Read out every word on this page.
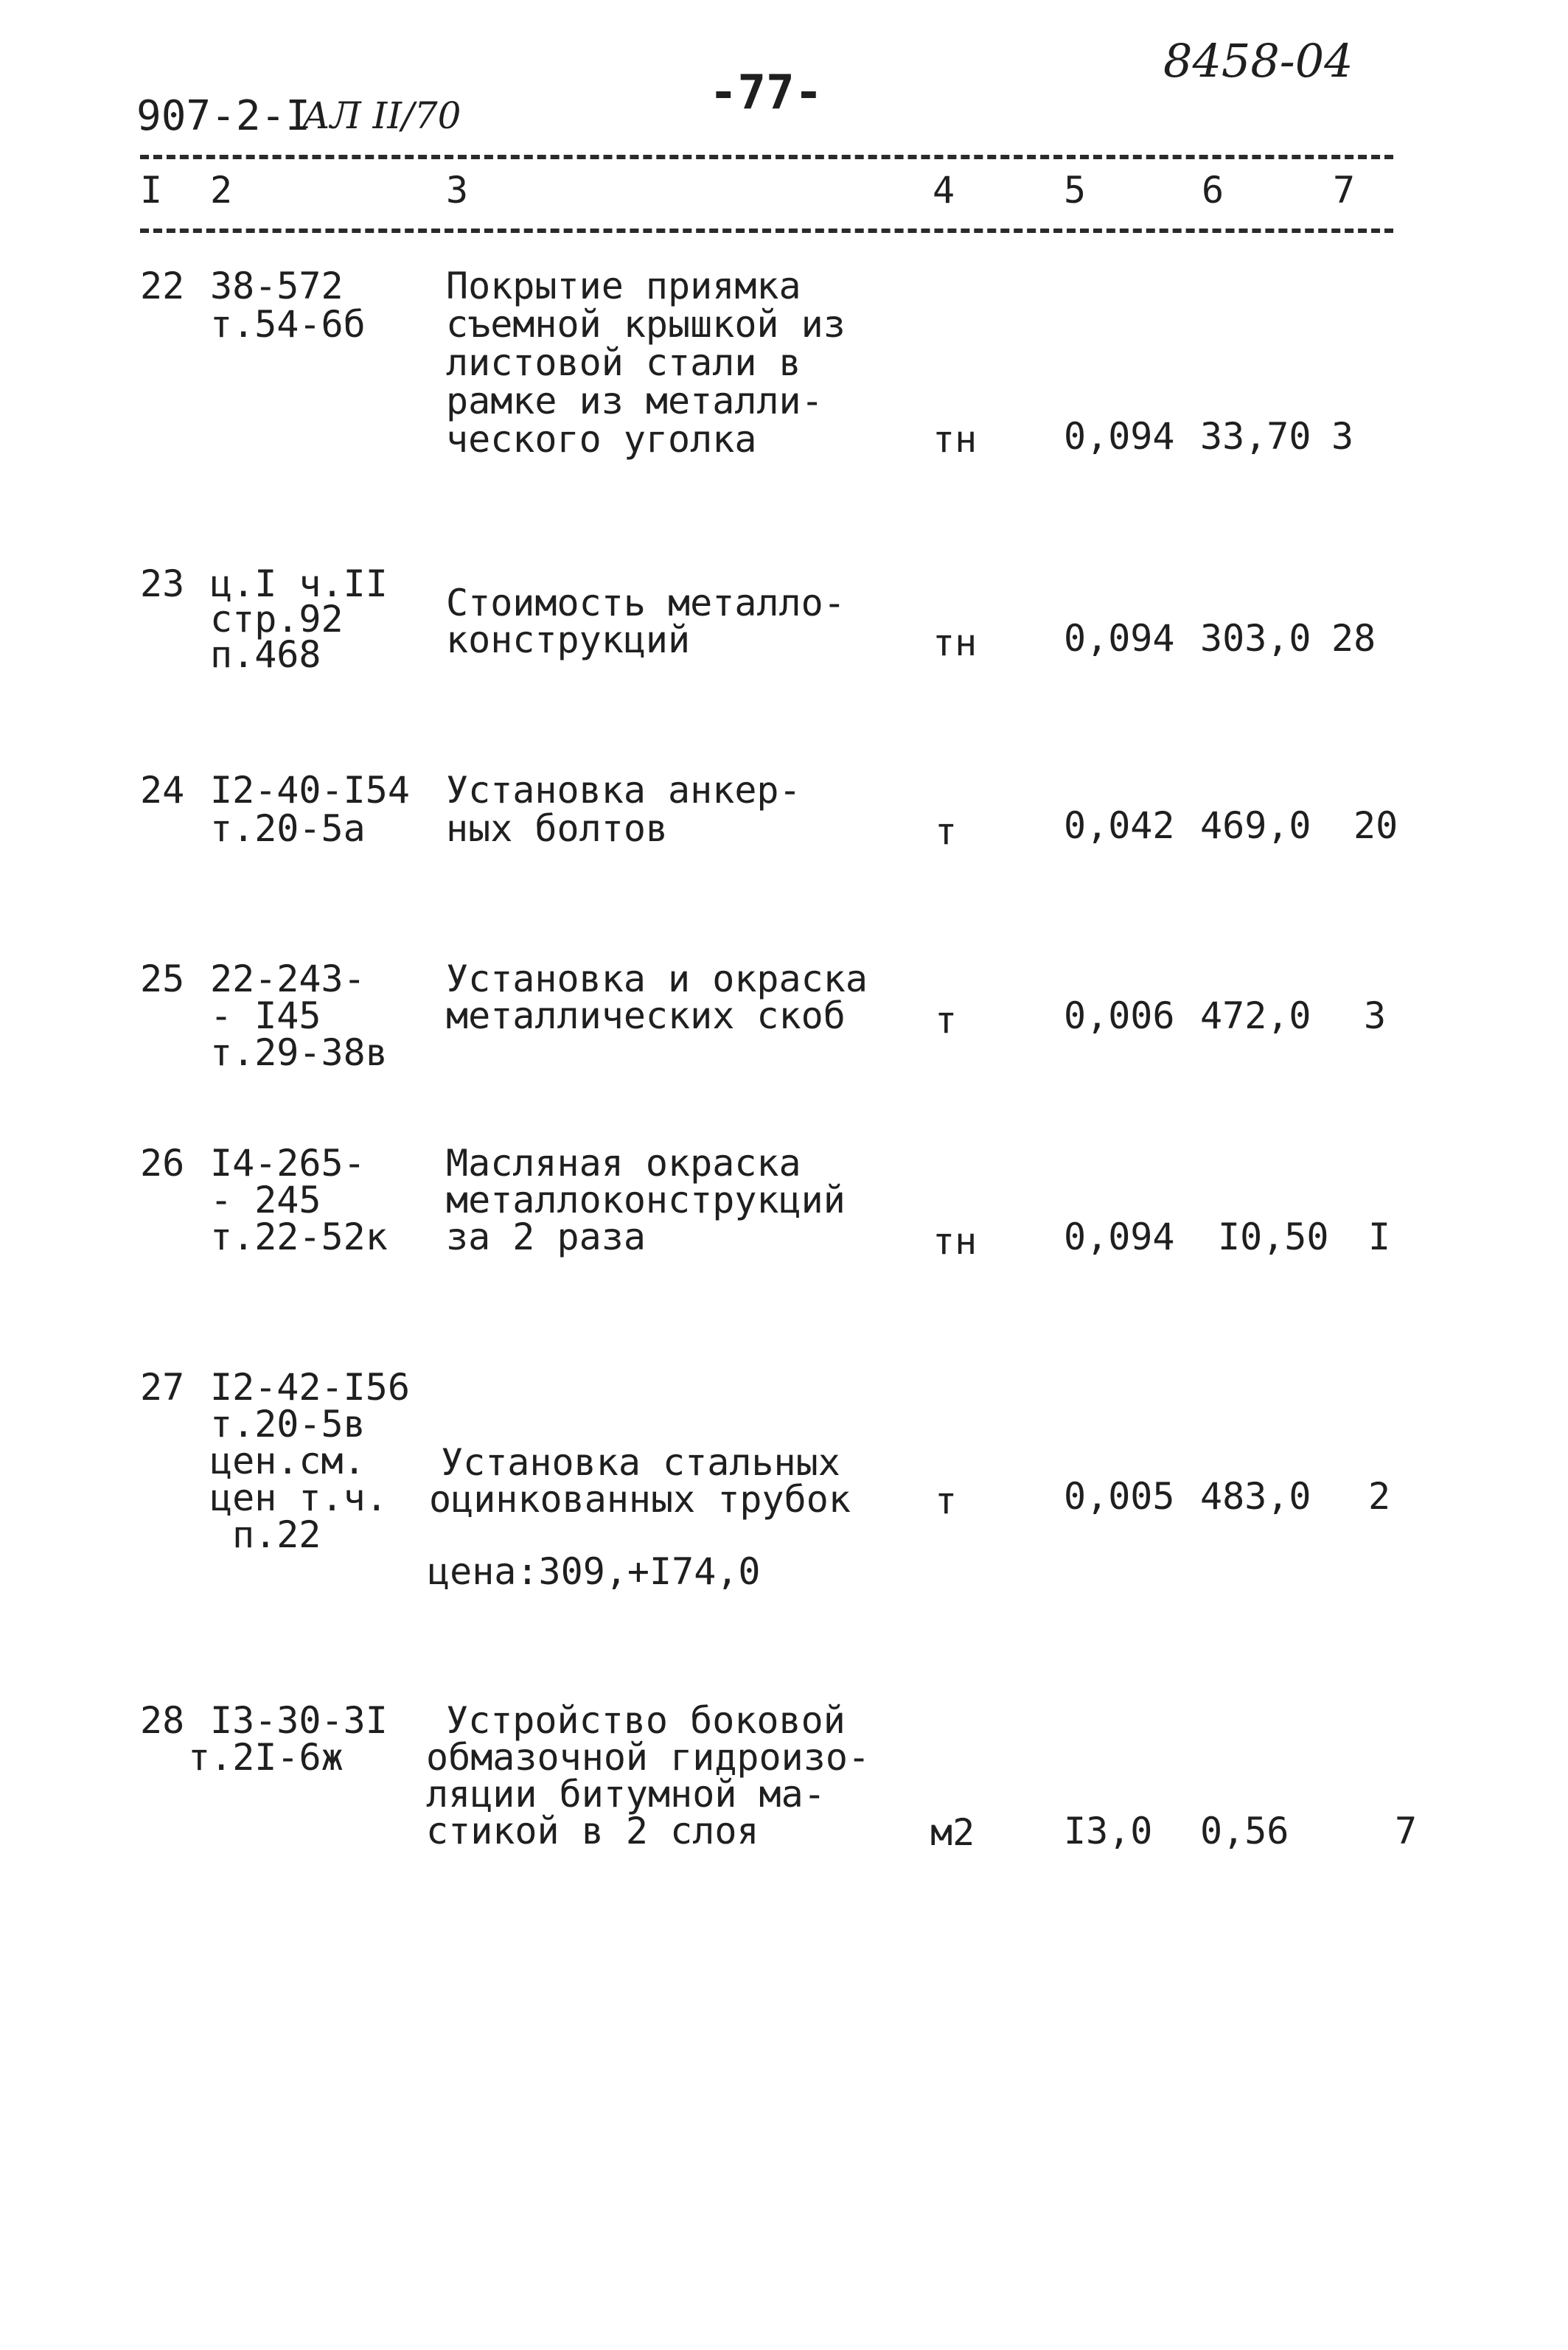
907-2-I
АЛ II/70	-77-
8458-04
I 2	3	4	5	6	7
22 38-572
т.54-6б
Покрытие приямка
съемной крышкой из
листовой стали в
рамке из металли-
ческого уголка	тн 0,094 33,70 3
23 ц.I ч.II
стр.92
п.468
Стоимость металло-
конструкций	тн 0,094 303,0 28
24 I2-40-I54
т.20-5а
Установка анкер-
ных болтов	т	0,042 469,0 20
25 22-243-
- I45
т.29-38в
Установка и окраска
металлических скоб т	0,006 472,0 3
26 I4-265-
- 245
т.22-52к
Масляная окраска
металлоконструкций
за 2 раза	тн 0,094 I0,50 I
27 I2-42-I56
т.20-5в
цен.см.
цен т.ч.
п.22
Установка стальных
оцинкованных трубок
цена:309,+I74,0
т	0,005 483,0 2
28 I3-30-3I
т.2I-6ж
Устройство боковой
обмазочной гидроизо-
ляции битумной ма-
стикой в 2 слоя	м2 I3,0 0,56	7
